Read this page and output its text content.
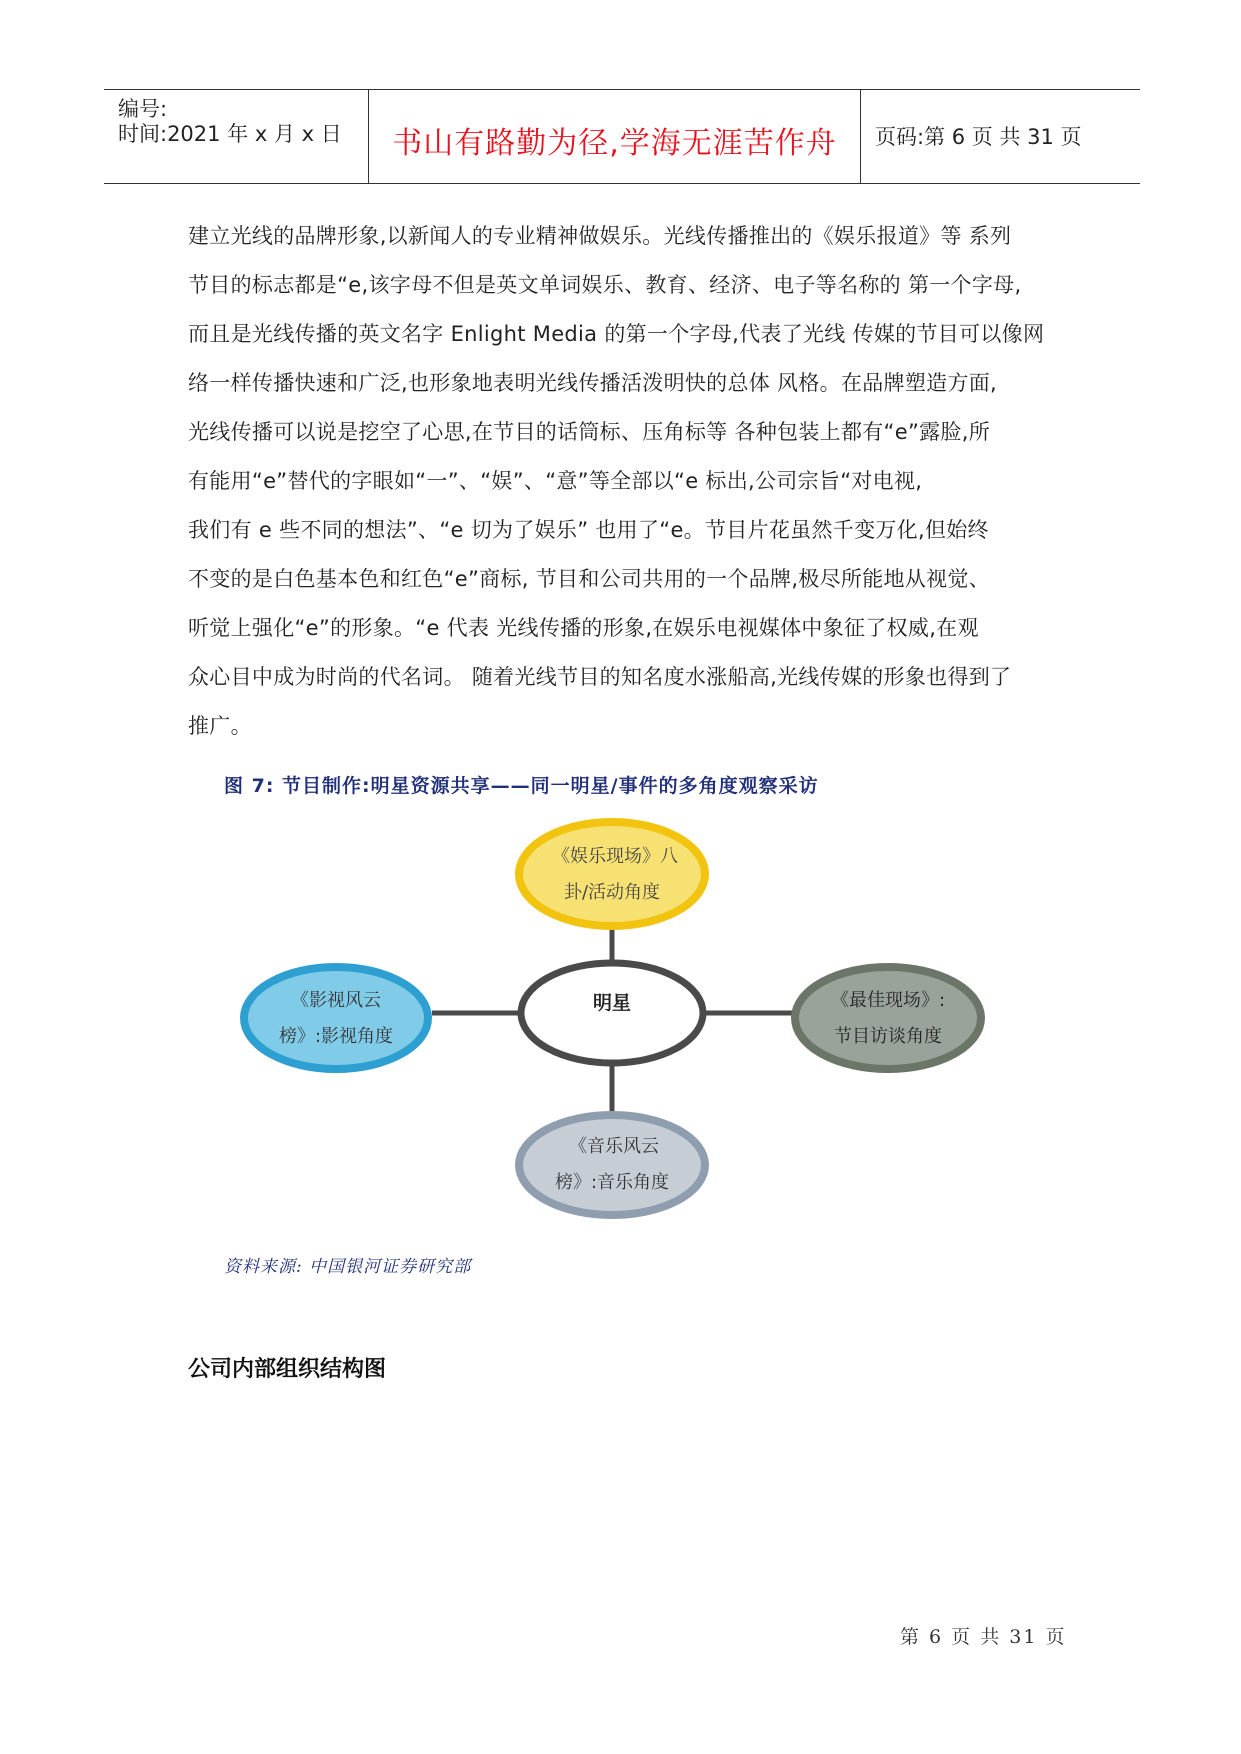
编号:
时间:2021 年 x 月 x 日	书山有路勤为径,学海无涯苦作舟	页码:第 6 页 共 31 页
建立光线的品牌形象,以新闻人的专业精神做娱乐。光线传播推出的《娱乐报道》等 系列
节目的标志都是“e,该字母不但是英文单词娱乐、教育、经济、电子等名称的 第一个字母,
而且是光线传播的英文名字 Enlight Media 的第一个字母,代表了光线 传媒的节目可以像网
络一样传播快速和广泛,也形象地表明光线传播活泼明快的总体 风格。在品牌塑造方面,
光线传播可以说是挖空了心思,在节目的话筒标、压角标等 各种包装上都有“e”露脸,所
有能用“e”替代的字眼如“一”、“娱”、“意”等全部以“e 标出,公司宗旨“对电视,
我们有 e 些不同的想法”、“e 切为了娱乐” 也用了“e。节目片花虽然千变万化,但始终
不变的是白色基本色和红色“e”商标, 节目和公司共用的一个品牌,极尽所能地从视觉、
听觉上强化“e”的形象。“e 代表 光线传播的形象,在娱乐电视媒体中象征了权威,在观
众心目中成为时尚的代名词。 随着光线节目的知名度水涨船高,光线传媒的形象也得到了
推广。
图 7: 节目制作:明星资源共享——同一明星/事件的多角度观察采访
明星
《娱乐现场》八
卦/活动角度
《影视风云
榜》:影视角度
《最佳现场》:
节目访谈角度
《音乐风云
榜》:音乐角度
资料来源: 中国银河证券研究部
公司内部组织结构图
第 6 页 共 31 页
